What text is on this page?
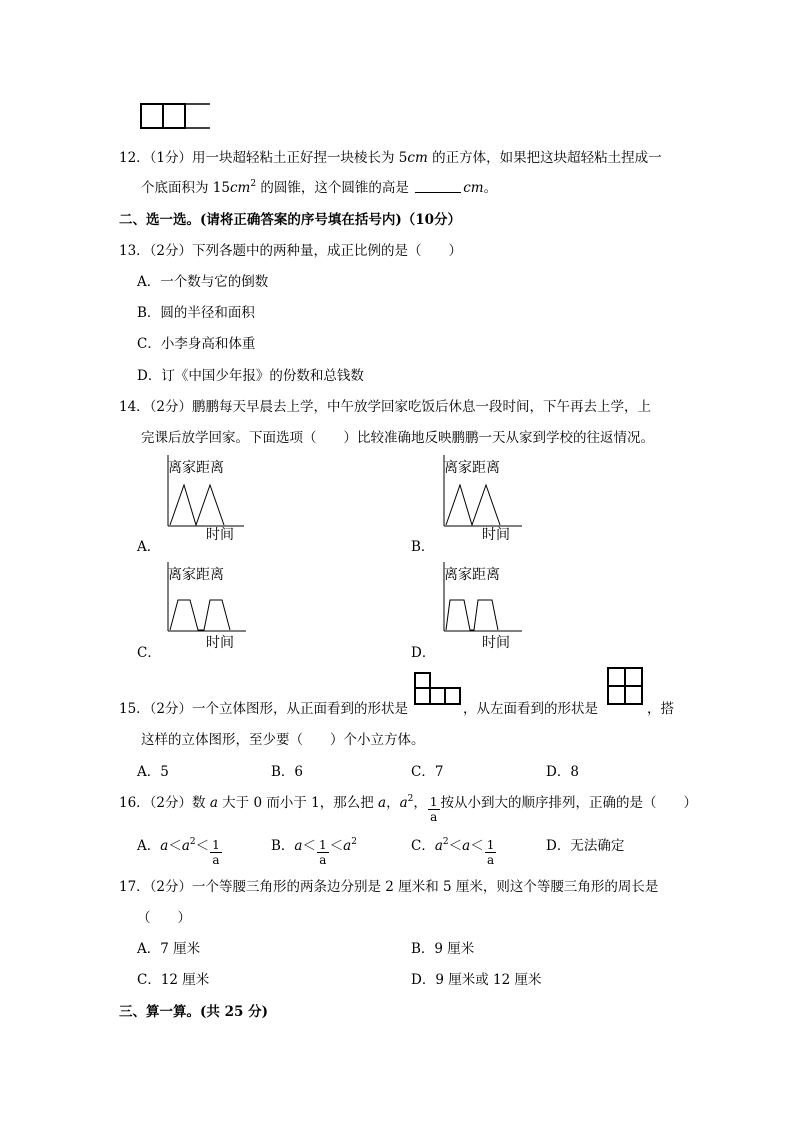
12．（1分）用一块超轻粘土正好捏一块棱长为 5cm 的正方体，如果把这块超轻粘土捏成一
个底面积为 $15cm^2$ 的圆锥，这个圆锥的高是	cm。
二、选一选。(请将正确答案的序号填在括号内)（10分）
13．（2分）下列各题中的两种量，成正比例的是（　　）
A．一个数与它的倒数
B．圆的半径和面积
C．小李身高和体重
D．订《中国少年报》的份数和总钱数
14．（2分）鹏鹏每天早晨去上学，中午放学回家吃饭后休息一段时间，下午再去上学，上
完课后放学回家。下面选项（　　）比较准确地反映鹏鹏一天从家到学校的往返情况。
离家距离
时间
A．
离家距离
时间
B．
离家距离
时间
C．
离家距离
时间
D．
15．（2分）一个立体图形，从正面看到的形状是	，从左面看到的形状是	，搭
这样的立体图形，至少要（　　）个小立方体。
A．5	B．6	C．7	D．8
16．（2分）数 a 大于 0 而小于 1，那么把 a，$a^2$， $\frac{1}{a}$ 按从小到大的顺序排列，正确的是（　　）
A．$a<a^2< \frac{1}{a}$	B．$a< \frac{1}{a} <a^2$	C．$a^2<a< \frac{1}{a}$	D．无法确定
17．（2分）一个等腰三角形的两条边分别是 2 厘米和 5 厘米，则这个等腰三角形的周长是
（　　）
A．7 厘米	B．9 厘米
C．12 厘米	D．9 厘米或 12 厘米
三、算一算。(共 25 分)
